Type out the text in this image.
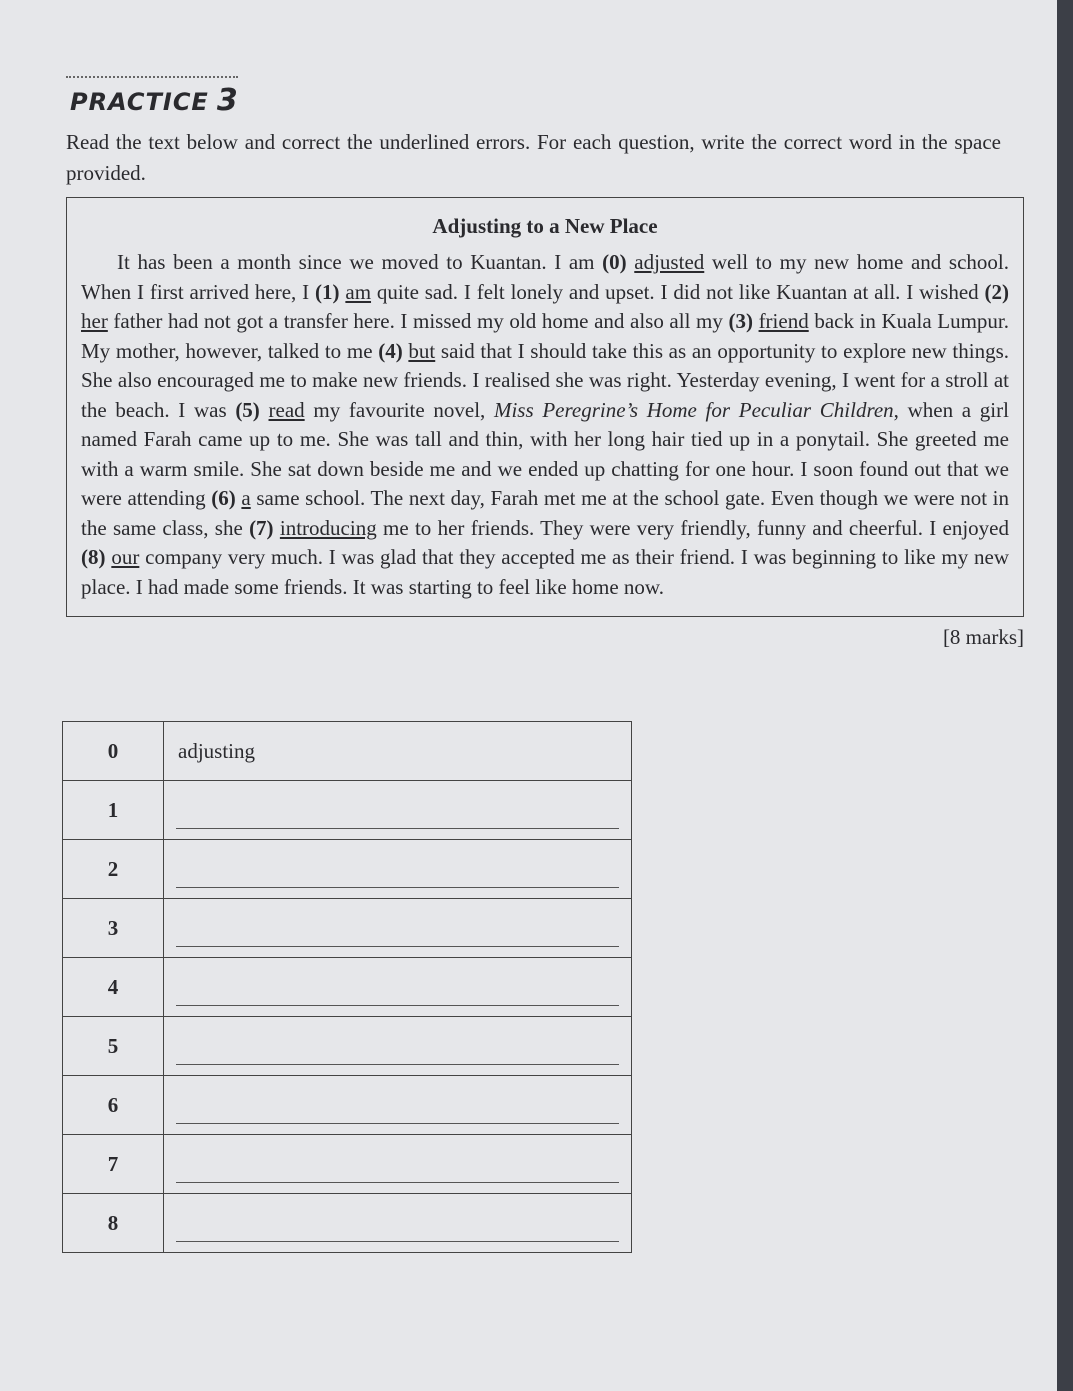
PRACTICE 3
Read the text below and correct the underlined errors. For each question, write the correct word in the space provided.
Adjusting to a New Place
It has been a month since we moved to Kuantan. I am (0) adjusted well to my new home and school. When I first arrived here, I (1) am quite sad. I felt lonely and upset. I did not like Kuantan at all. I wished (2) her father had not got a transfer here. I missed my old home and also all my (3) friend back in Kuala Lumpur. My mother, however, talked to me (4) but said that I should take this as an opportunity to explore new things. She also encouraged me to make new friends. I realised she was right. Yesterday evening, I went for a stroll at the beach. I was (5) read my favourite novel, Miss Peregrine’s Home for Peculiar Children, when a girl named Farah came up to me. She was tall and thin, with her long hair tied up in a ponytail. She greeted me with a warm smile. She sat down beside me and we ended up chatting for one hour. I soon found out that we were attending (6) a same school. The next day, Farah met me at the school gate. Even though we were not in the same class, she (7) introducing me to her friends. They were very friendly, funny and cheerful. I enjoyed (8) our company very much. I was glad that they accepted me as their friend. I was beginning to like my new place. I had made some friends. It was starting to feel like home now.
[8 marks]
0	adjusting
1	

2	

3	

4	

5	

6	

7	

8	
